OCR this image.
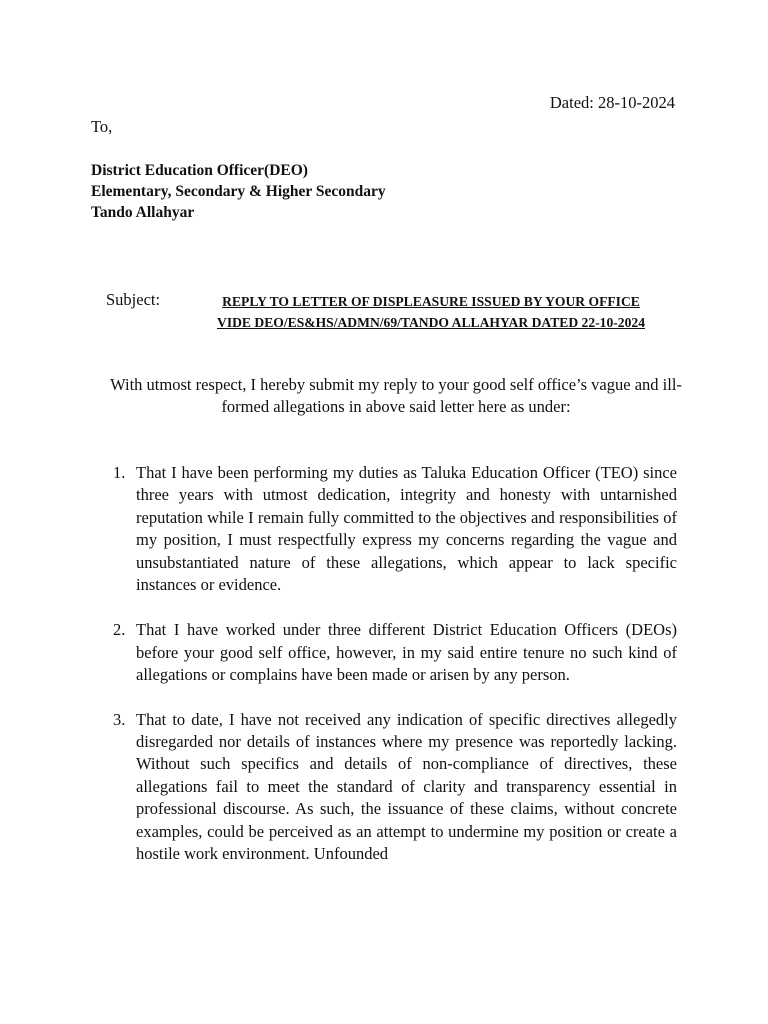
Dated: 28-10-2024
To,
District Education Officer(DEO)
Elementary, Secondary & Higher Secondary
Tando Allahyar
Subject:	REPLY TO LETTER OF DISPLEASURE ISSUED BY YOUR OFFICE
VIDE DEO/ES&HS/ADMN/69/TANDO ALLAHYAR DATED 22-10-2024
With utmost respect, I hereby submit my reply to your good self office’s vague and ill-formed allegations in above said letter here as under:
1. That I have been performing my duties as Taluka Education Officer (TEO) since three years with utmost dedication, integrity and honesty with untarnished reputation while I remain fully committed to the objectives and responsibilities of my position, I must respectfully express my concerns regarding the vague and unsubstantiated nature of these allegations, which appear to lack specific instances or evidence.
2. That I have worked under three different District Education Officers (DEOs) before your good self office, however, in my said entire tenure no such kind of allegations or complains have been made or arisen by any person.
3. That to date, I have not received any indication of specific directives allegedly disregarded nor details of instances where my presence was reportedly lacking. Without such specifics and details of non-compliance of directives, these allegations fail to meet the standard of clarity and transparency essential in professional discourse. As such, the issuance of these claims, without concrete examples, could be perceived as an attempt to undermine my position or create a hostile work environment. Unfounded
